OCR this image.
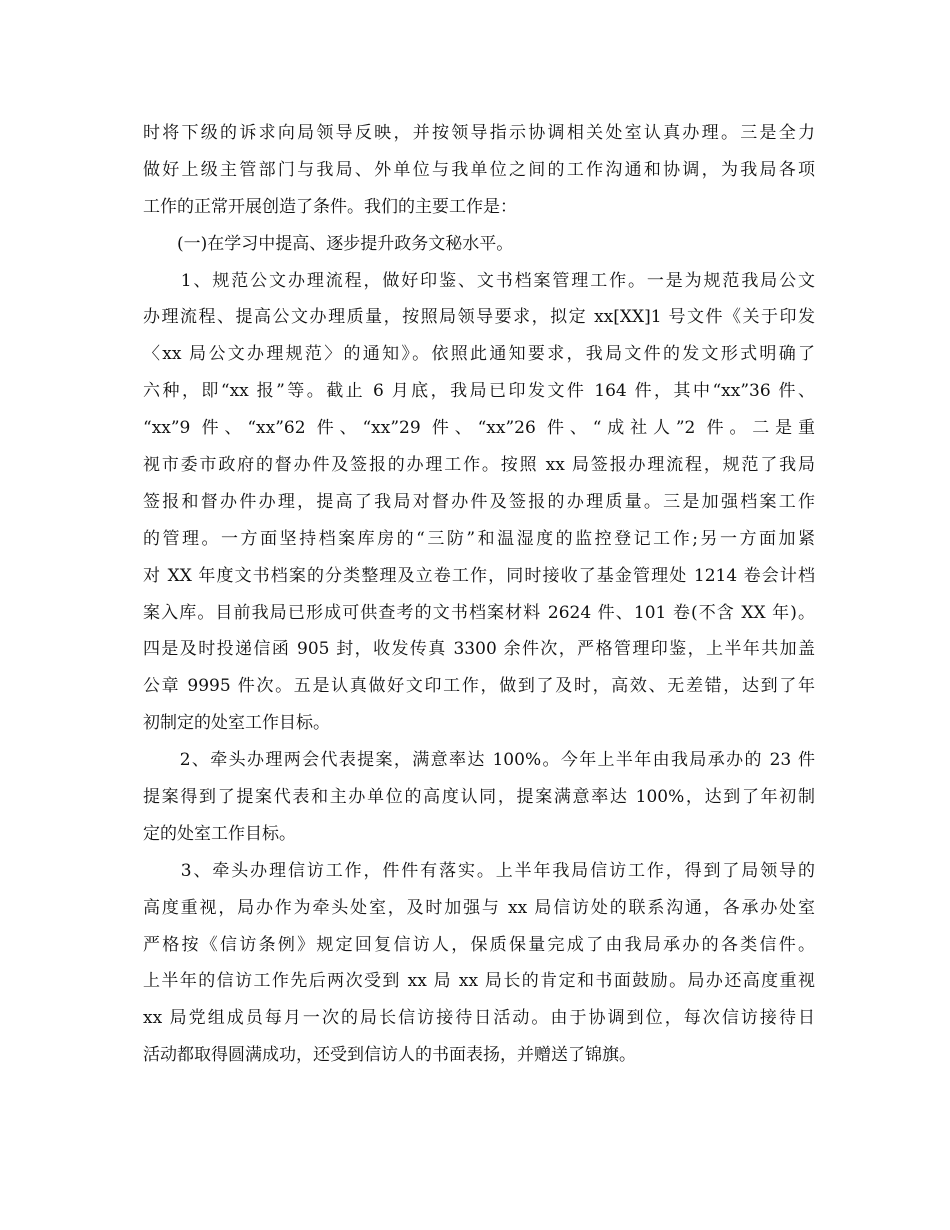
时将下级的诉求向局领导反映，并按领导指示协调相关处室认真办理。三是全力
做好上级主管部门与我局、外单位与我单位之间的工作沟通和协调，为我局各项
工作的正常开展创造了条件。我们的主要工作是：
　　(一)在学习中提高、逐步提升政务文秘水平。
　　1、规范公文办理流程，做好印鉴、文书档案管理工作。一是为规范我局公文
办理流程、提高公文办理质量，按照局领导要求，拟定 xx[XX]1 号文件《关于印发
〈xx 局公文办理规范〉的通知》。依照此通知要求，我局文件的发文形式明确了
六种，即“xx 报”等。截止 6 月底，我局已印发文件 164 件，其中“xx”36 件、
“xx”9 件、“xx”62 件、“xx”29 件、“xx”26 件、“成社人”2 件。二是重
视市委市政府的督办件及签报的办理工作。按照 xx 局签报办理流程，规范了我局
签报和督办件办理，提高了我局对督办件及签报的办理质量。三是加强档案工作
的管理。一方面坚持档案库房的“三防”和温湿度的监控登记工作;另一方面加紧
对 XX 年度文书档案的分类整理及立卷工作，同时接收了基金管理处 1214 卷会计档
案入库。目前我局已形成可供查考的文书档案材料 2624 件、101 卷(不含 XX 年)。
四是及时投递信函 905 封，收发传真 3300 余件次，严格管理印鉴，上半年共加盖
公章 9995 件次。五是认真做好文印工作，做到了及时，高效、无差错，达到了年
初制定的处室工作目标。
　　2、牵头办理两会代表提案，满意率达 100%。今年上半年由我局承办的 23 件
提案得到了提案代表和主办单位的高度认同，提案满意率达 100%，达到了年初制
定的处室工作目标。
　　3、牵头办理信访工作，件件有落实。上半年我局信访工作，得到了局领导的
高度重视，局办作为牵头处室，及时加强与 xx 局信访处的联系沟通，各承办处室
严格按《信访条例》规定回复信访人，保质保量完成了由我局承办的各类信件。
上半年的信访工作先后两次受到 xx 局 xx 局长的肯定和书面鼓励。局办还高度重视
xx 局党组成员每月一次的局长信访接待日活动。由于协调到位，每次信访接待日
活动都取得圆满成功，还受到信访人的书面表扬，并赠送了锦旗。
